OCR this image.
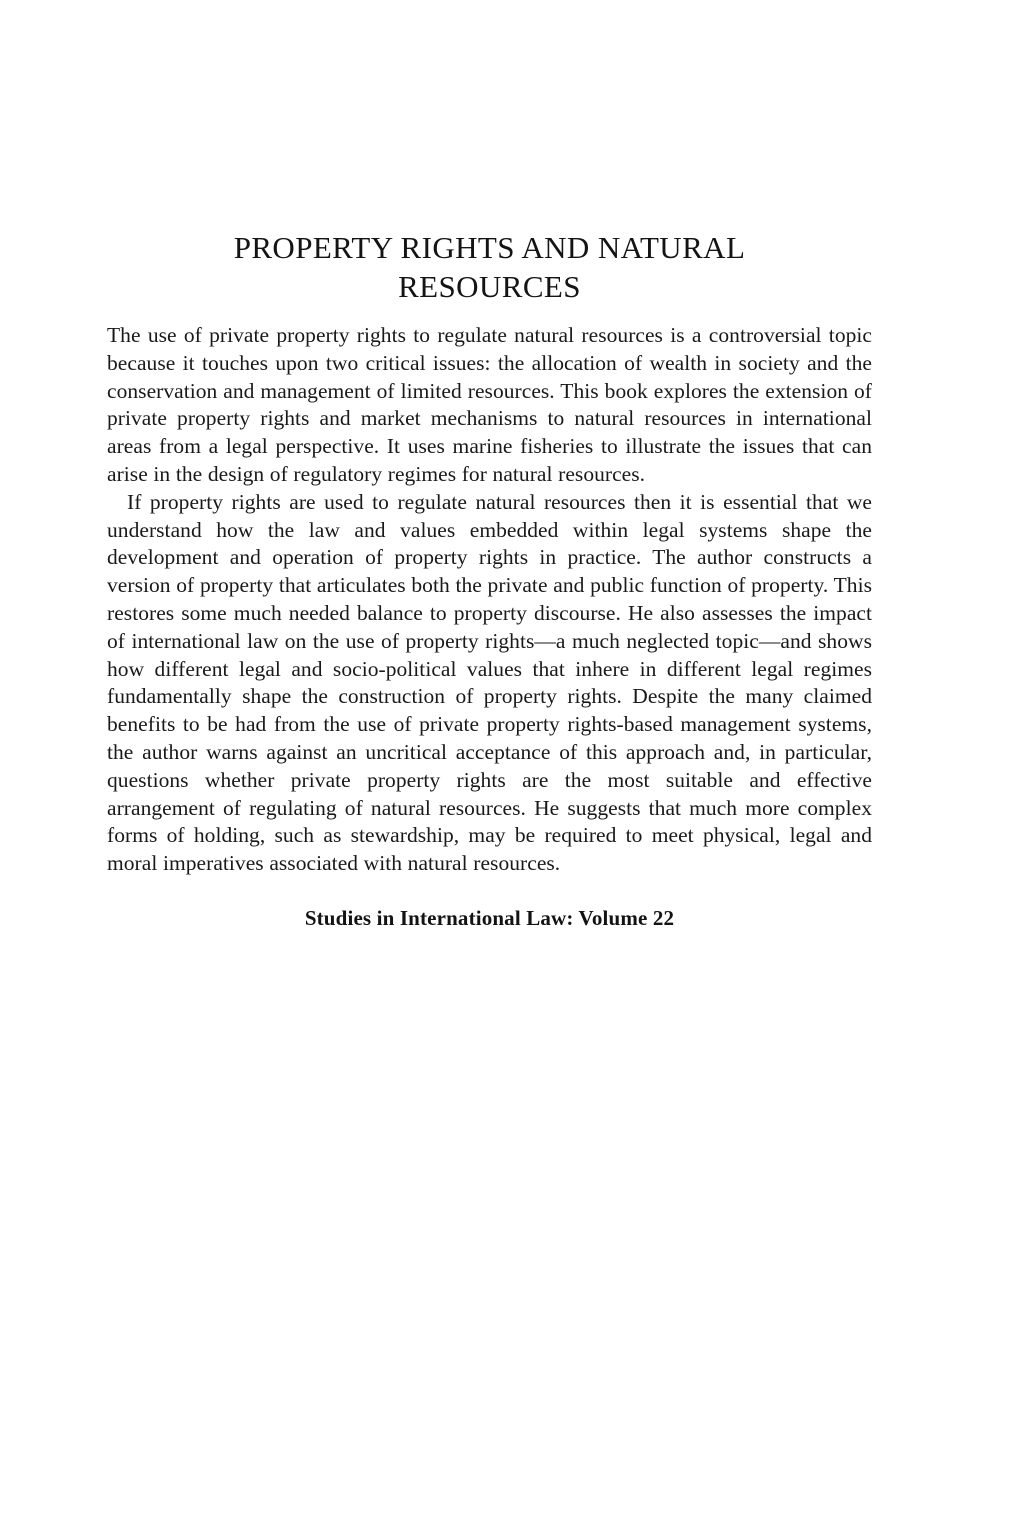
PROPERTY RIGHTS AND NATURAL
RESOURCES

The use of private property rights to regulate natural resources is a controversial topic because it touches upon two critical issues: the allocation of wealth in society and the conservation and management of limited resources. This book explores the extension of private property rights and market mechanisms to natural resources in international areas from a legal perspective. It uses marine fisheries to illustrate the issues that can arise in the design of regulatory regimes for natural resources.

If property rights are used to regulate natural resources then it is essential that we understand how the law and values embedded within legal systems shape the development and operation of property rights in practice. The author constructs a version of property that articulates both the private and public function of property. This restores some much needed balance to property discourse. He also assesses the impact of international law on the use of property rights—a much neglected topic—and shows how different legal and socio-political values that inhere in different legal regimes fundamentally shape the construction of property rights. Despite the many claimed benefits to be had from the use of private property rights-based management systems, the author warns against an uncritical acceptance of this approach and, in particular, questions whether private property rights are the most suitable and effective arrangement of regulating of natural resources. He suggests that much more complex forms of holding, such as stewardship, may be required to meet physical, legal and moral imperatives associated with natural resources.

Studies in International Law: Volume 22
